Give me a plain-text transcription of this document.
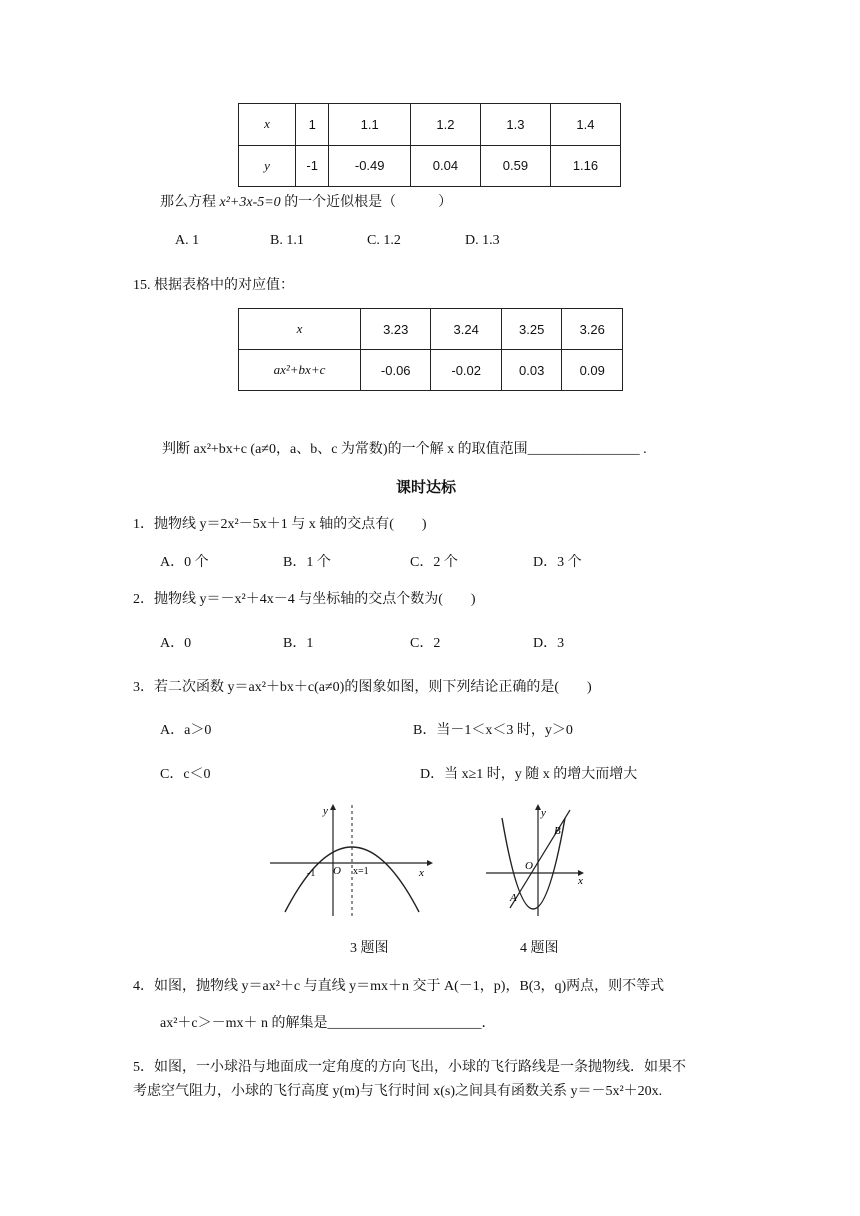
x	1	1.1	1.2	1.3	1.4
y	-1	-0.49	0.04	0.59	1.16
那么方程 x²+3x-5=0 的一个近似根是（　　　）
A. 1	B. 1.1	C. 1.2	D. 1.3
15. 根据表格中的对应值：
x	3.23	3.24	3.25	3.26
ax²+bx+c	-0.06	-0.02	0.03	0.09
判断 ax²+bx+c (a≠0，a、b、c 为常数)的一个解 x 的取值范围________________ .
课时达标
1．抛物线 y＝2x²－5x＋1 与 x 轴的交点有(　　)
A．0 个	B．1 个	C．2 个	D．3 个
2．抛物线 y＝－x²＋4x－4 与坐标轴的交点个数为(　　)
A．0	B．1	C．2	D．3
3．若二次函数 y＝ax²＋bx＋c(a≠0)的图象如图，则下列结论正确的是(　　)
A．a＞0	B．当－1＜x＜3 时，y＞0
C．c＜0	D．当 x≥1 时，y 随 x 的增大而增大
y
x
O
-1	x=1
3 题图
y
x
O
A
B
4 题图
4．如图，抛物线 y＝ax²＋c 与直线 y＝mx＋n 交于 A(－1，p)，B(3，q)两点，则不等式
ax²＋c＞－mx＋ n 的解集是______________________．
5．如图，一小球沿与地面成一定角度的方向飞出，小球的飞行路线是一条抛物线．如果不
考虑空气阻力，小球的飞行高度 y(m)与飞行时间 x(s)之间具有函数关系 y＝－5x²＋20x.
